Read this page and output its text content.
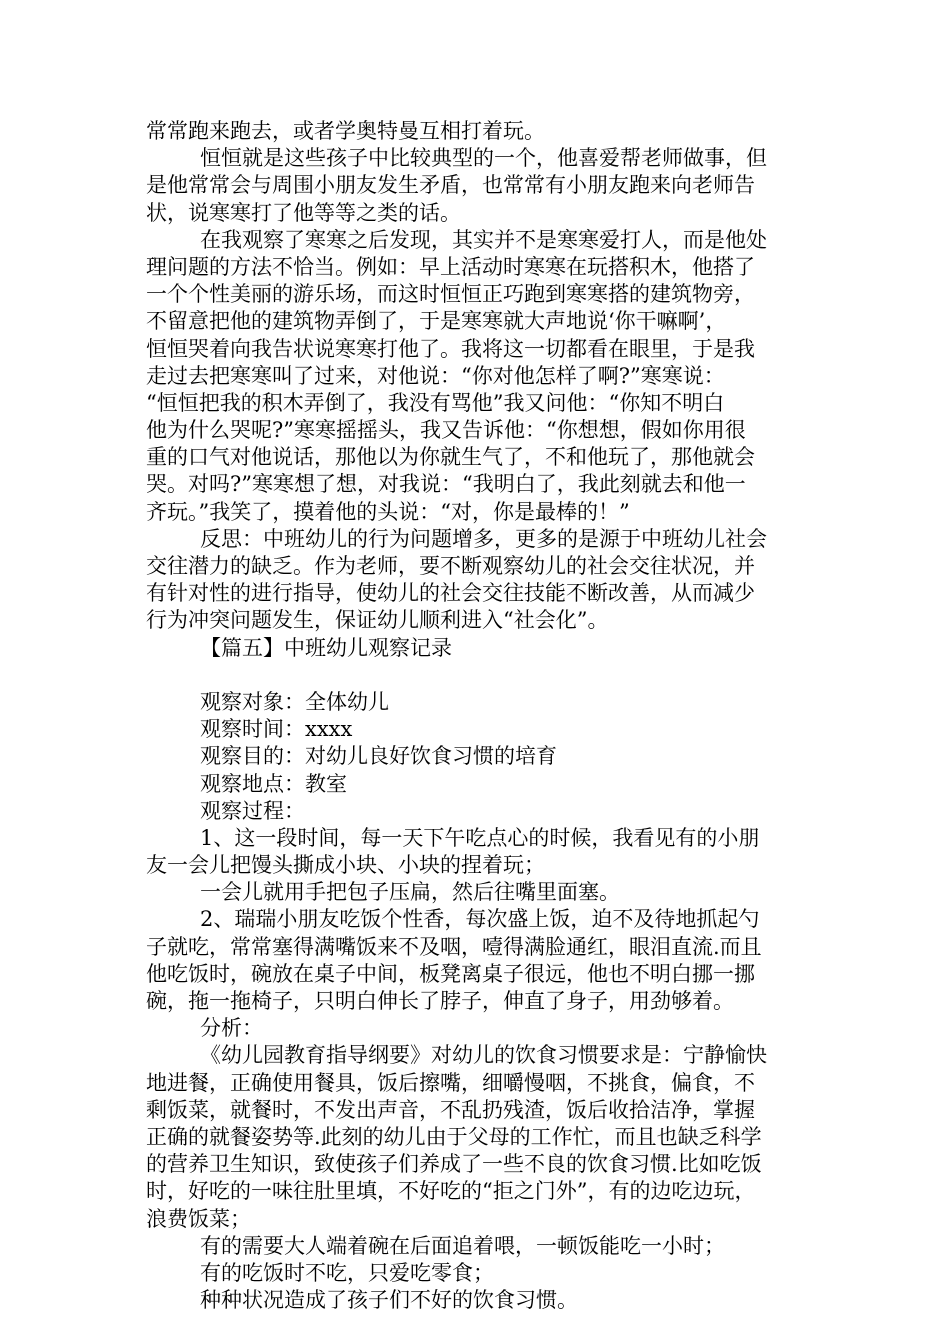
常常跑来跑去，或者学奥特曼互相打着玩。
恒恒就是这些孩子中比较典型的一个，他喜爱帮老师做事，但
是他常常会与周围小朋友发生矛盾，也常常有小朋友跑来向老师告
状，说寒寒打了他等等之类的话。
在我观察了寒寒之后发现，其实并不是寒寒爱打人，而是他处
理问题的方法不恰当。例如：早上活动时寒寒在玩搭积木，他搭了
一个个性美丽的游乐场，而这时恒恒正巧跑到寒寒搭的建筑物旁，
不留意把他的建筑物弄倒了，于是寒寒就大声地说‘你干嘛啊’，
恒恒哭着向我告状说寒寒打他了。我将这一切都看在眼里，于是我
走过去把寒寒叫了过来，对他说：“你对他怎样了啊?”寒寒说：
“恒恒把我的积木弄倒了，我没有骂他”我又问他：“你知不明白
他为什么哭呢?”寒寒摇摇头，我又告诉他：“你想想，假如你用很
重的口气对他说话，那他以为你就生气了，不和他玩了，那他就会
哭。对吗?”寒寒想了想，对我说：“我明白了，我此刻就去和他一
齐玩。”我笑了，摸着他的头说：“对，你是最棒的！”
反思：中班幼儿的行为问题增多，更多的是源于中班幼儿社会
交往潜力的缺乏。作为老师，要不断观察幼儿的社会交往状况，并
有针对性的进行指导，使幼儿的社会交往技能不断改善，从而减少
行为冲突问题发生，保证幼儿顺利进入“社会化”。
【篇五】中班幼儿观察记录
观察对象：全体幼儿
观察时间：xxxx
观察目的：对幼儿良好饮食习惯的培育
观察地点：教室
观察过程：
1、这一段时间，每一天下午吃点心的时候，我看见有的小朋
友一会儿把馒头撕成小块、小块的捏着玩；
一会儿就用手把包子压扁，然后往嘴里面塞。
2、瑞瑞小朋友吃饭个性香，每次盛上饭，迫不及待地抓起勺
子就吃，常常塞得满嘴饭来不及咽，噎得满脸通红，眼泪直流.而且
他吃饭时，碗放在桌子中间，板凳离桌子很远，他也不明白挪一挪
碗，拖一拖椅子，只明白伸长了脖子，伸直了身子，用劲够着。
分析：
《幼儿园教育指导纲要》对幼儿的饮食习惯要求是：宁静愉快
地进餐，正确使用餐具，饭后擦嘴，细嚼慢咽，不挑食，偏食，不
剩饭菜，就餐时，不发出声音，不乱扔残渣，饭后收拾洁净，掌握
正确的就餐姿势等.此刻的幼儿由于父母的工作忙，而且也缺乏科学
的营养卫生知识，致使孩子们养成了一些不良的饮食习惯.比如吃饭
时，好吃的一味往肚里填，不好吃的“拒之门外”，有的边吃边玩，
浪费饭菜；
有的需要大人端着碗在后面追着喂，一顿饭能吃一小时；
有的吃饭时不吃，只爱吃零食；
种种状况造成了孩子们不好的饮食习惯。
